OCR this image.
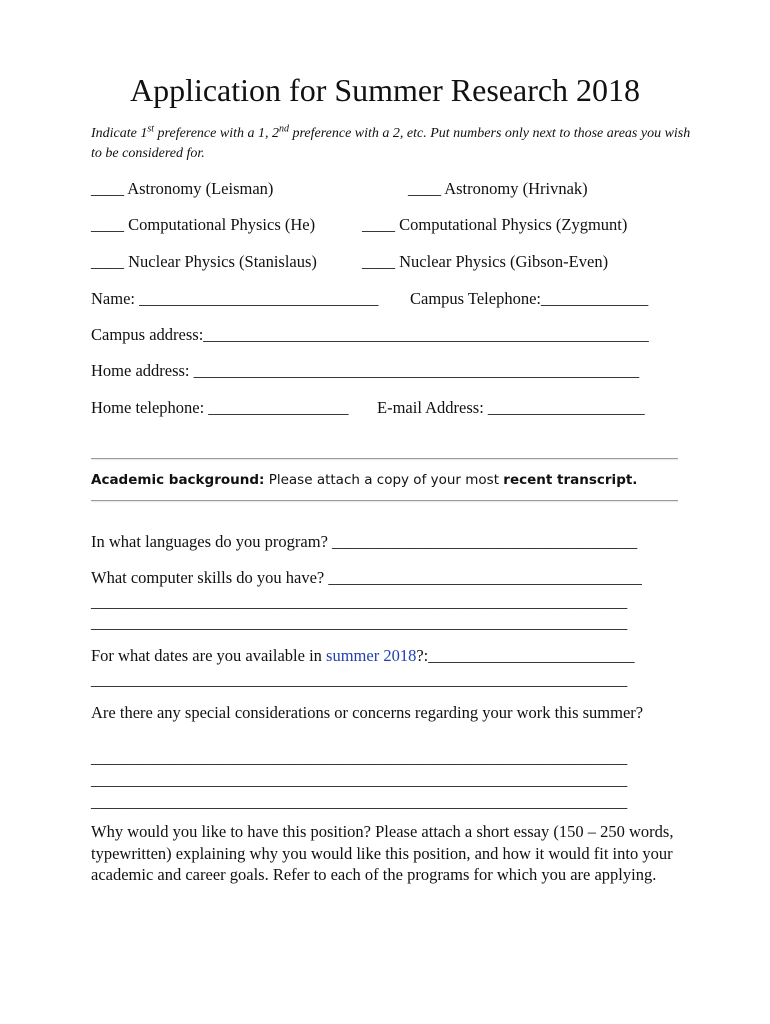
Application for Summer Research 2018
Indicate 1st preference with a 1, 2nd preference with a 2, etc. Put numbers only next to those areas you wish to be considered for.
____ Astronomy (Leisman)	____ Astronomy (Hrivnak)
____ Computational Physics (He)	____ Computational Physics (Zygmunt)
____ Nuclear Physics (Stanislaus)	____ Nuclear Physics (Gibson-Even)
Name: _____________________________ Campus Telephone:_____________
Campus address:______________________________________________________
Home address: ______________________________________________________
Home telephone: _________________ E-mail Address: ___________________
Academic background: Please attach a copy of your most recent transcript.
In what languages do you program? _____________________________________
What computer skills do you have? ______________________________________
_________________________________________________________________
_________________________________________________________________
For what dates are you available in summer 2018?:_________________________
_________________________________________________________________
Are there any special considerations or concerns regarding your work this summer?
_________________________________________________________________
_________________________________________________________________
_________________________________________________________________
Why would you like to have this position? Please attach a short essay (150 – 250 words, typewritten) explaining why you would like this position, and how it would fit into your academic and career goals. Refer to each of the programs for which you are applying.
